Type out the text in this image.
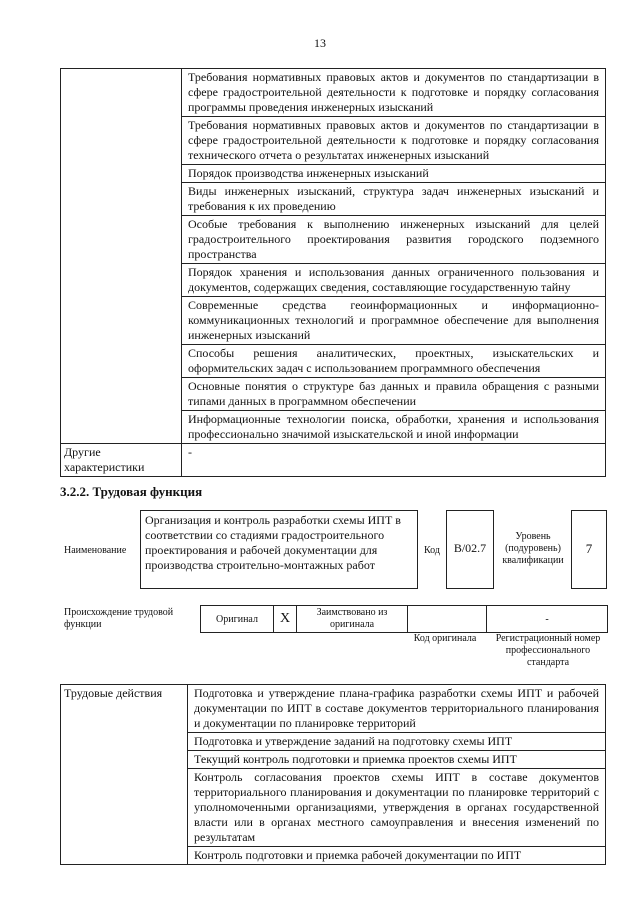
13
	Требования нормативных правовых актов и документов по стандартизации в сфере градостроительной деятельности к подготовке и порядку согласования программы проведения инженерных изысканий
	Требования нормативных правовых актов и документов по стандартизации в сфере градостроительной деятельности к подготовке и порядку согласования технического отчета о результатах инженерных изысканий
	Порядок производства инженерных изысканий
	Виды инженерных изысканий, структура задач инженерных изысканий и требования к их проведению
	Особые требования к выполнению инженерных изысканий для целей градостроительного проектирования развития городского подземного пространства
	Порядок хранения и использования данных ограниченного пользования и документов, содержащих сведения, составляющие государственную тайну
	Современные средства геоинформационных и информационно-коммуникационных технологий и программное обеспечение для выполнения инженерных изысканий
	Способы решения аналитических, проектных, изыскательских и оформительских задач с использованием программного обеспечения
	Основные понятия о структуре баз данных и правила обращения с разными типами данных в программном обеспечении
	Информационные технологии поиска, обработки, хранения и использования профессионально значимой изыскательской и иной информации
Другие характеристики	-
3.2.2. Трудовая функция
Наименование
Организация и контроль разработки схемы ИПТ в соответствии со стадиями градостроительного проектирования и рабочей документации для производства строительно-монтажных работ
Код	В/02.7
Уровень (подуровень) квалификации
7
Происхождение трудовой функции	Оригинал	X	Заимствовано из оригинала		-
Код оригинала	Регистрационный номер профессионального стандарта
Трудовые действия	Подготовка и утверждение плана-графика разработки схемы ИПТ и рабочей документации по ИПТ в составе документов территориального планирования и документации по планировке территорий
Подготовка и утверждение заданий на подготовку схемы ИПТ
Текущий контроль подготовки и приемка проектов схемы ИПТ
Контроль согласования проектов схемы ИПТ в составе документов территориального планирования и документации по планировке территорий с уполномоченными организациями, утверждения в органах государственной власти или в органах местного самоуправления и внесения изменений по результатам
Контроль подготовки и приемка рабочей документации по ИПТ
